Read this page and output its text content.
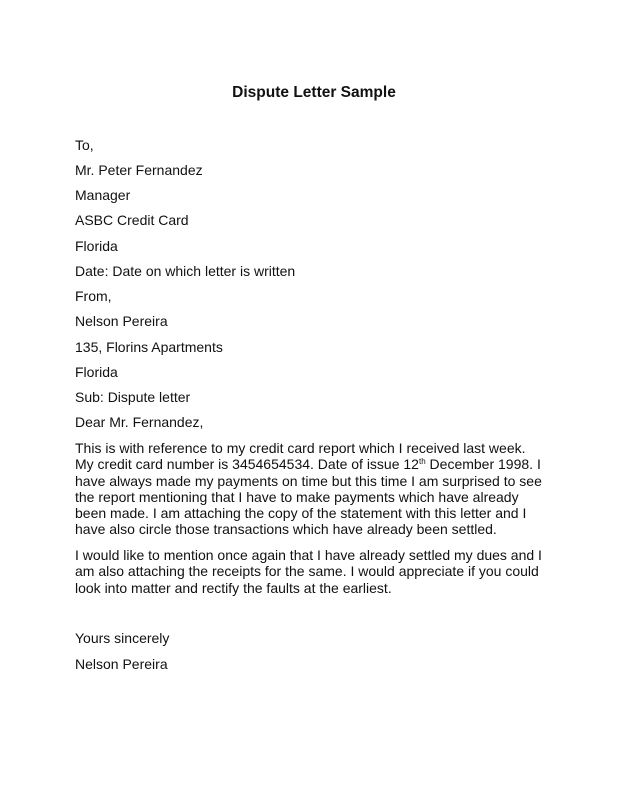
Dispute Letter Sample
To,
Mr. Peter Fernandez
Manager
ASBC Credit Card
Florida
Date: Date on which letter is written
From,
Nelson Pereira
135, Florins Apartments
Florida
Sub: Dispute letter
Dear Mr. Fernandez,
This is with reference to my credit card report which I received last week.
My credit card number is 3454654534. Date of issue 12th December 1998. I
have always made my payments on time but this time I am surprised to see
the report mentioning that I have to make payments which have already
been made. I am attaching the copy of the statement with this letter and I
have also circle those transactions which have already been settled.
I would like to mention once again that I have already settled my dues and I
am also attaching the receipts for the same. I would appreciate if you could
look into matter and rectify the faults at the earliest.
Yours sincerely
Nelson Pereira
